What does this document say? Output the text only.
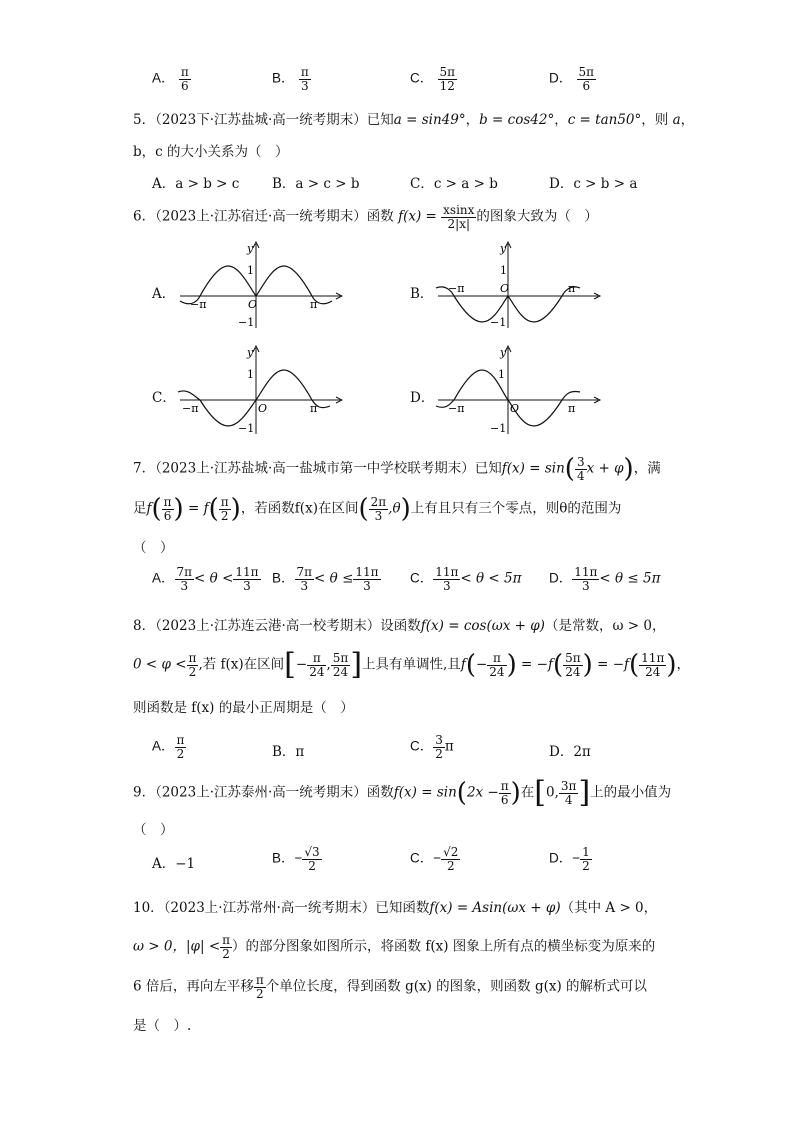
A． $\frac{\pi}{6}$	B． $\frac{\pi}{3}$	C． $\frac{5\pi}{12}$	D． $\frac{5\pi}{6}$
5．（2023下·江苏盐城·高一统考期末）已知a = sin49°，b = cos42°，c = tan50°，则 a，
b，c 的大小关系为（　）
A．a > b > c B．a > c > b	C．c > a > b	D．c > b > a
6．（2023上·江苏宿迁·高一统考期末）函数 $f(x) = \frac{xsinx}{2|x|}$ 的图象大致为（　）
A．	B．
C．	D．
y
1
−1
O	π
−π
y
1
−1
O	π
−π
y
1
−1
O	π
−π
y
1
−1
O	π
−π
7．（2023上·江苏盐城·高一盐城市第一中学校联考期末）已知$f(x) = \sin( \frac{3}{4}$ x + φ)，满
足$f( \frac{\pi}{6}$ ) = $f( \frac{\pi}{2}$ )，若函数f(x)在区间( $\frac{2\pi}{3} ,\theta$)上有且只有三个零点，则θ的范围为
（　）
A． $\frac{7\pi}{3} < \theta < \frac{11\pi}{3}$ B． $\frac{7\pi}{3} < \theta \le \frac{11\pi}{3}$ C． $\frac{11\pi}{3} < \theta < 5\pi$ D． $\frac{11\pi}{3} < \theta \le 5\pi$
8．（2023上·江苏连云港·高一校考期末）设函数f(x) = cos(ωx + φ)（是常数，ω > 0，
$0 < \varphi < \frac{\pi}{2}$ ,若 f(x)在区间[− $\frac{\pi}{24}$ , $\frac{5\pi}{24}$ ]上具有单调性,且$f(- \frac{\pi}{24}$ ) = $-f( \frac{5\pi}{24}$ ) = $-f( \frac{11\pi}{24}$ )，
则函数是 f(x) 的最小正周期是（　）
A． $\frac{\pi}{2}$	B．π	C． $\frac{3}{2}$ π	D．2π
9．（2023上·江苏泰州·高一统考期末）函数$f(x) = \sin(2x - \frac{\pi}{6}$ )在[0, $\frac{3\pi}{4}$ ]上的最小值为
（　）
A．−1	B．− $\frac{√3}{2}$	C．− $\frac{√2}{2}$	D．− $\frac{1}{2}$
10．（2023上·江苏常州·高一统考期末）已知函数f(x) = Asin(ωx + φ)（其中 A > 0，
ω > 0，$|\varphi| < \frac{\pi}{2}$ ）的部分图象如图所示，将函数 f(x) 图象上所有点的横坐标变为原来的
6 倍后，再向左平移 $\frac{\pi}{2}$ 个单位长度，得到函数 g(x) 的图象，则函数 g(x) 的解析式可以
是（　）.
